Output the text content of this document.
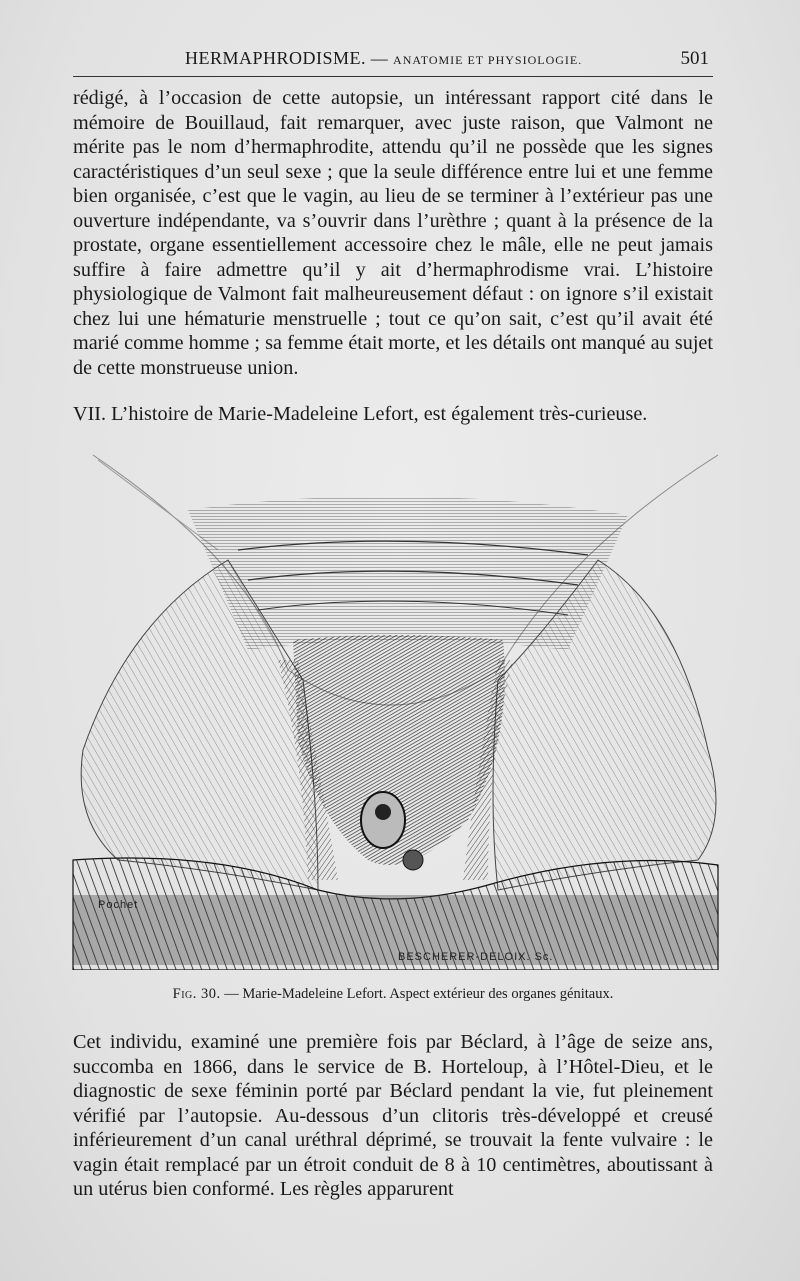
HERMAPHRODISME. — ANATOMIE ET PHYSIOLOGIE.	501

rédigé, à l’occasion de cette autopsie, un intéressant rapport cité dans le mémoire de Bouillaud, fait remarquer, avec juste raison, que Valmont ne mérite pas le nom d’hermaphrodite, attendu qu’il ne possède que les signes caractéristiques d’un seul sexe ; que la seule différence entre lui et une femme bien organisée, c’est que le vagin, au lieu de se terminer à l’extérieur pas une ouverture indépendante, va s’ouvrir dans l’urèthre ; quant à la présence de la prostate, organe essentiellement accessoire chez le mâle, elle ne peut jamais suffire à faire admettre qu’il y ait d’hermaphrodisme vrai. L’histoire physiologique de Valmont fait malheureusement défaut : on ignore s’il existait chez lui une hématurie menstruelle ; tout ce qu’on sait, c’est qu’il avait été marié comme homme ; sa femme était morte, et les détails ont manqué au sujet de cette monstrueuse union.

VII. L’histoire de Marie-Madeleine Lefort, est également très-curieuse.
Pochet
BESCHERER-DELOIX. Sc.
Fig. 30. — Marie-Madeleine Lefort. Aspect extérieur des organes génitaux.

Cet individu, examiné une première fois par Béclard, à l’âge de seize ans, succomba en 1866, dans le service de B. Horteloup, à l’Hôtel-Dieu, et le diagnostic de sexe féminin porté par Béclard pendant la vie, fut pleinement vérifié par l’autopsie. Au-dessous d’un clitoris très-développé et creusé inférieurement d’un canal uréthral déprimé, se trouvait la fente vulvaire : le vagin était remplacé par un étroit conduit de 8 à 10 centimètres, aboutissant à un utérus bien conformé. Les règles apparurent
